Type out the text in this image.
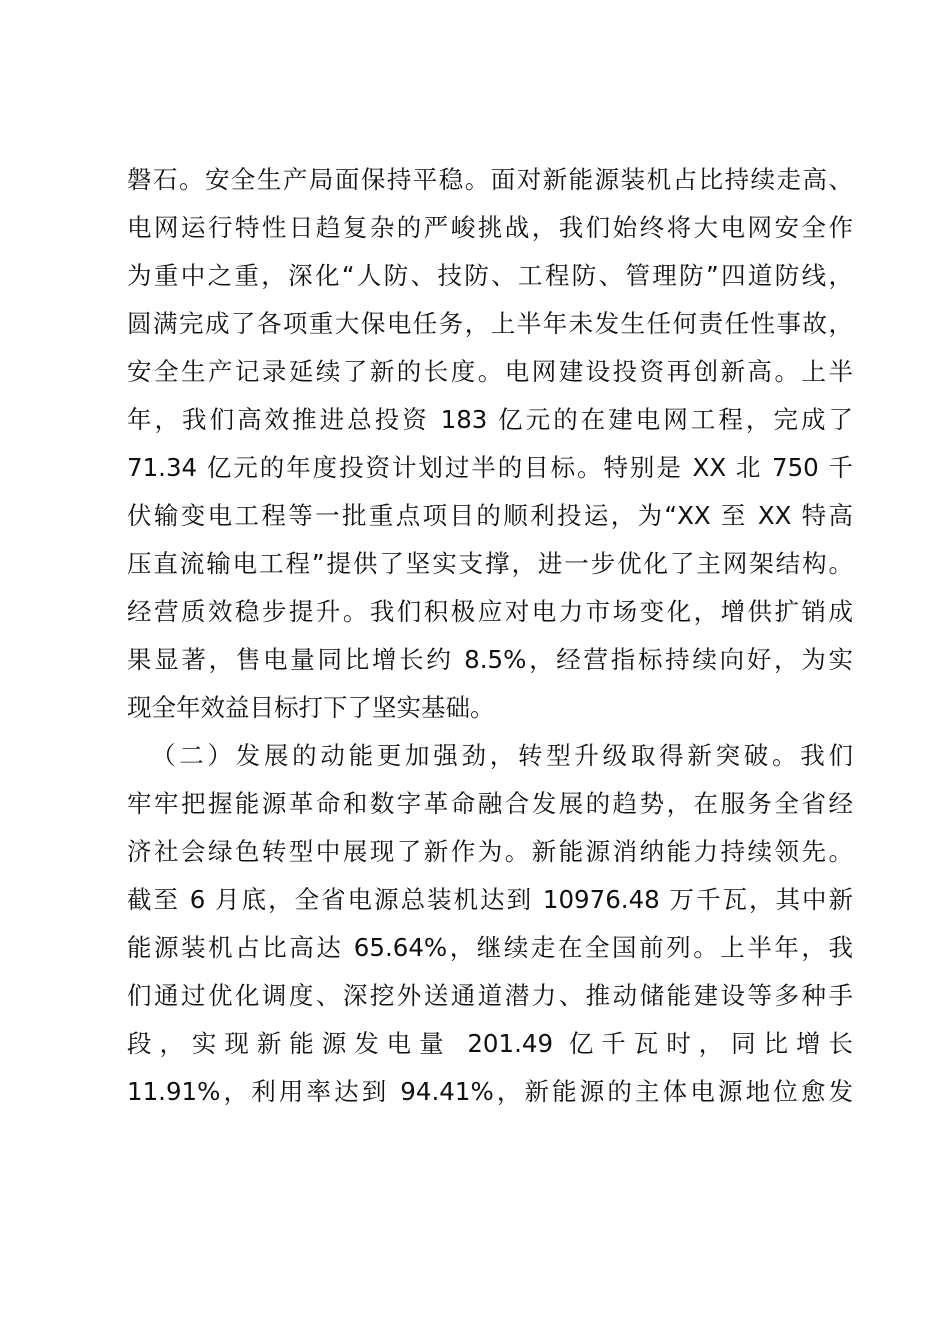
磐石。安全生产局面保持平稳。面对新能源装机占比持续走高、
电网运行特性日趋复杂的严峻挑战，我们始终将大电网安全作
为重中之重，深化“人防、技防、工程防、管理防”四道防线，
圆满完成了各项重大保电任务，上半年未发生任何责任性事故，
安全生产记录延续了新的长度。电网建设投资再创新高。上半
年，我们高效推进总投资 183 亿元的在建电网工程，完成了
71.34 亿元的年度投资计划过半的目标。特别是 XX 北 750 千
伏输变电工程等一批重点项目的顺利投运，为“XX 至 XX 特高
压直流输电工程”提供了坚实支撑，进一步优化了主网架结构。
经营质效稳步提升。我们积极应对电力市场变化，增供扩销成
果显著，售电量同比增长约 8.5%，经营指标持续向好，为实
现全年效益目标打下了坚实基础。
（二）发展的动能更加强劲，转型升级取得新突破。我们
牢牢把握能源革命和数字革命融合发展的趋势，在服务全省经
济社会绿色转型中展现了新作为。新能源消纳能力持续领先。
截至 6 月底，全省电源总装机达到 10976.48 万千瓦，其中新
能源装机占比高达 65.64%，继续走在全国前列。上半年，我
们通过优化调度、深挖外送通道潜力、推动储能建设等多种手
段，实现新能源发电量 201.49 亿千瓦时，同比增长
11.91%，利用率达到 94.41%，新能源的主体电源地位愈发
